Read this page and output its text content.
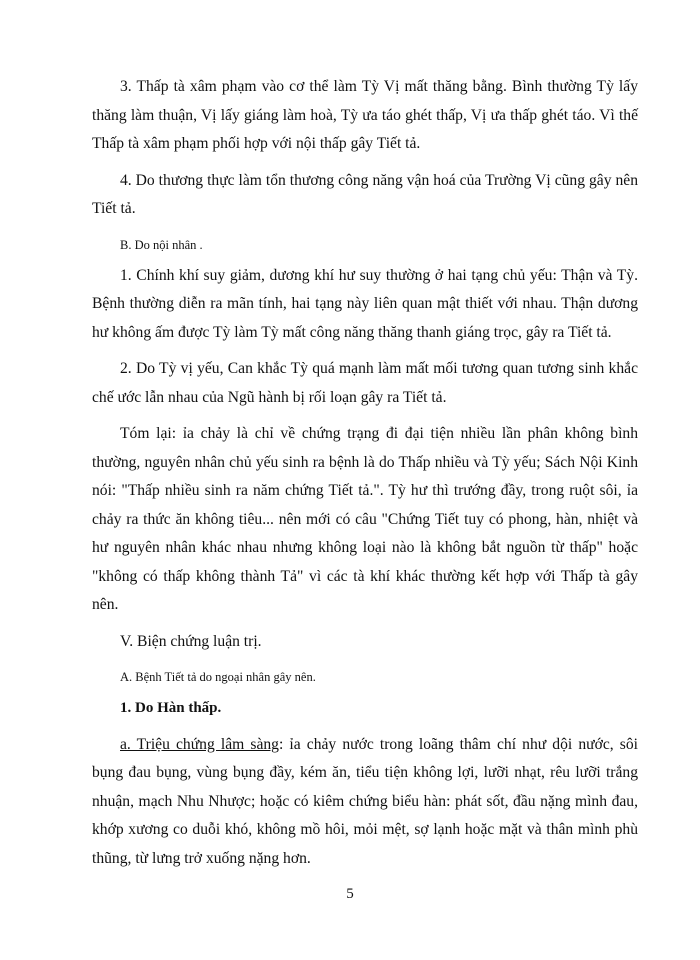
3. Thấp tà xâm phạm vào cơ thể làm Tỳ Vị mất thăng bằng. Bình thường Tỳ lấy thăng làm thuận, Vị lấy giáng làm hoà, Tỳ ưa táo ghét thấp, Vị ưa thấp ghét táo. Vì thế Thấp tà xâm phạm phối hợp với nội thấp gây Tiết tả.

4. Do thương thực làm tổn thương công năng vận hoá của Trường Vị cũng gây nên Tiết tả.

B. Do nội nhân .

1. Chính khí suy giảm, dương khí hư suy thường ở hai tạng chủ yếu: Thận và Tỳ. Bệnh thường diễn ra mãn tính, hai tạng này liên quan mật thiết với nhau. Thận dương hư không ấm được Tỳ làm Tỳ mất công năng thăng thanh giáng trọc, gây ra Tiết tả.

2. Do Tỳ vị yếu, Can khắc Tỳ quá mạnh làm mất mối tương quan tương sinh khắc chế ước lẫn nhau của Ngũ hành bị rối loạn gây ra Tiết tả.

Tóm lại: ỉa chảy là chỉ về chứng trạng đi đại tiện nhiều lần phân không bình thường, nguyên nhân chủ yếu sinh ra bệnh là do Thấp nhiều và Tỳ yếu; Sách Nội Kinh nói: "Thấp nhiều sinh ra năm chứng Tiết tả.". Tỳ hư thì trướng đầy, trong ruột sôi, ỉa chảy ra thức ăn không tiêu... nên mới có câu "Chứng Tiết tuy có phong, hàn, nhiệt và hư nguyên nhân khác nhau nhưng không loại nào là không bắt nguồn từ thấp" hoặc "không có thấp không thành Tả" vì các tà khí khác thường kết hợp với Thấp tà gây nên.

V. Biện chứng luận trị.

A. Bệnh Tiết tả do ngoại nhân gây nên.

1. Do Hàn thấp.

a. Triệu chứng lâm sàng: ỉa chảy nước trong loãng thâm chí như dội nước, sôi bụng đau bụng, vùng bụng đầy, kém ăn, tiểu tiện không lợi, lưỡi nhạt, rêu lưỡi trắng nhuận, mạch Nhu Nhược; hoặc có kiêm chứng biểu hàn: phát sốt, đầu nặng mình đau, khớp xương co duỗi khó, không mồ hôi, mỏi mệt, sợ lạnh hoặc mặt và thân mình phù thũng, từ lưng trở xuống nặng hơn.

5
